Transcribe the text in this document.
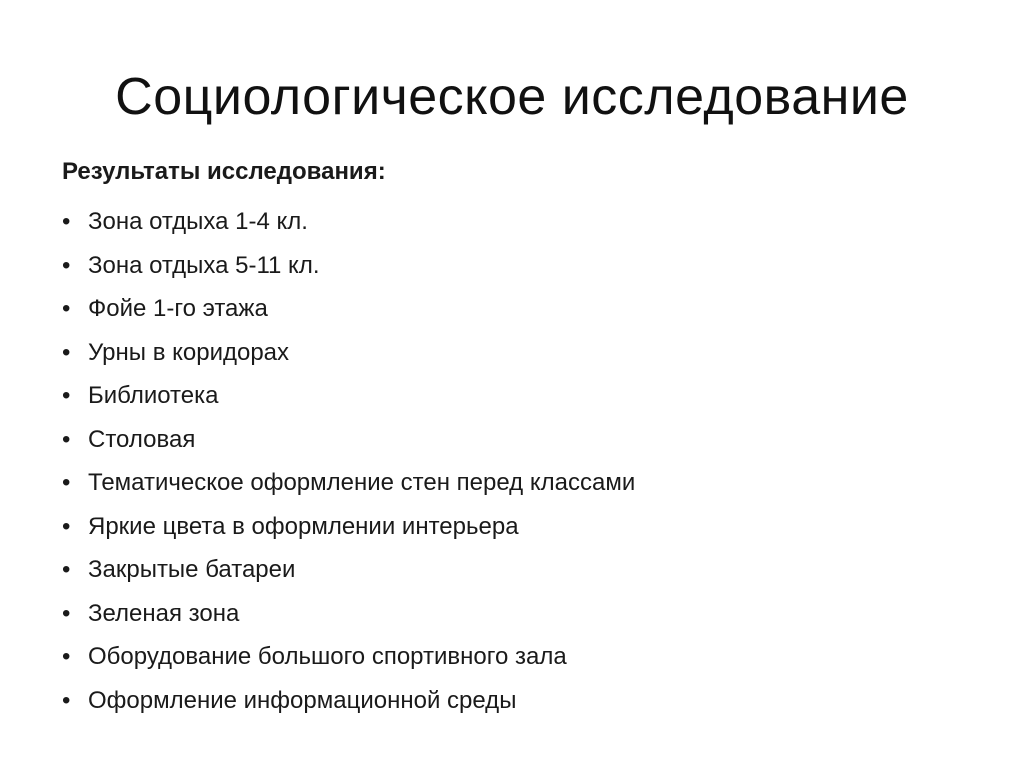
Социологическое исследование
Результаты исследования:
• Зона отдыха 1-4 кл.
• Зона отдыха 5-11 кл.
• Фойе 1-го этажа
• Урны в коридорах
• Библиотека
• Столовая
• Тематическое оформление стен перед классами
• Яркие цвета в оформлении интерьера
• Закрытые батареи
• Зеленая зона
• Оборудование большого спортивного зала
• Оформление информационной среды
